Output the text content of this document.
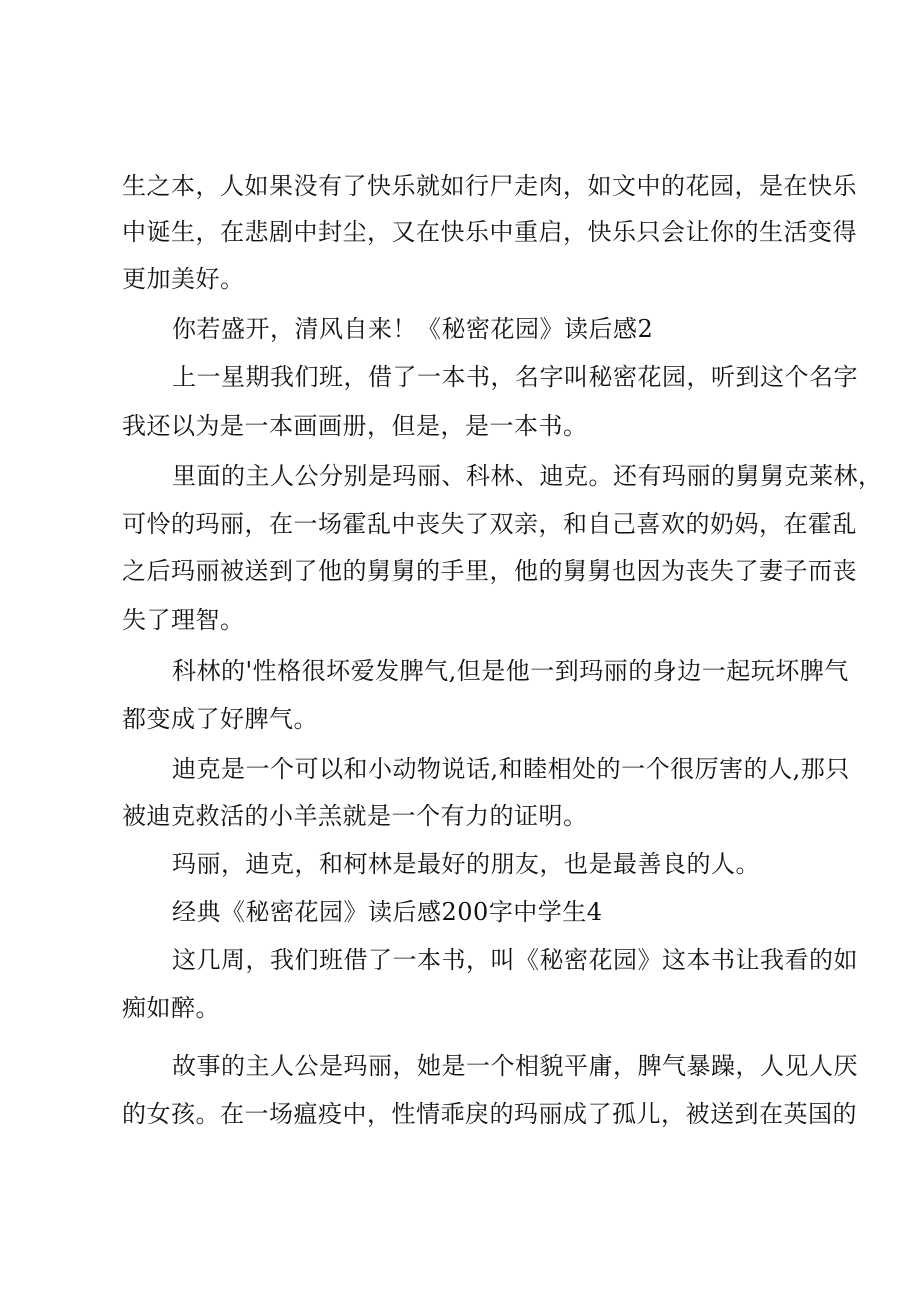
生之本，人如果没有了快乐就如行尸走肉，如文中的花园，是在快乐
中诞生，在悲剧中封尘，又在快乐中重启，快乐只会让你的生活变得
更加美好。
你若盛开，清风自来！《秘密花园》读后感2
上一星期我们班，借了一本书，名字叫秘密花园，听到这个名字
我还以为是一本画画册，但是，是一本书。
里面的主人公分别是玛丽、科林、迪克。还有玛丽的舅舅克莱林，
可怜的玛丽，在一场霍乱中丧失了双亲，和自己喜欢的奶妈，在霍乱
之后玛丽被送到了他的舅舅的手里，他的舅舅也因为丧失了妻子而丧
失了理智。
科林的'性格很坏爱发脾气,但是他一到玛丽的身边一起玩坏脾气
都变成了好脾气。
迪克是一个可以和小动物说话,和睦相处的一个很厉害的人,那只
被迪克救活的小羊羔就是一个有力的证明。
玛丽，迪克，和柯林是最好的朋友，也是最善良的人。
经典《秘密花园》读后感200字中学生4
这几周，我们班借了一本书，叫《秘密花园》这本书让我看的如
痴如醉。
故事的主人公是玛丽，她是一个相貌平庸，脾气暴躁，人见人厌
的女孩。在一场瘟疫中，性情乖戾的玛丽成了孤儿，被送到在英国的
